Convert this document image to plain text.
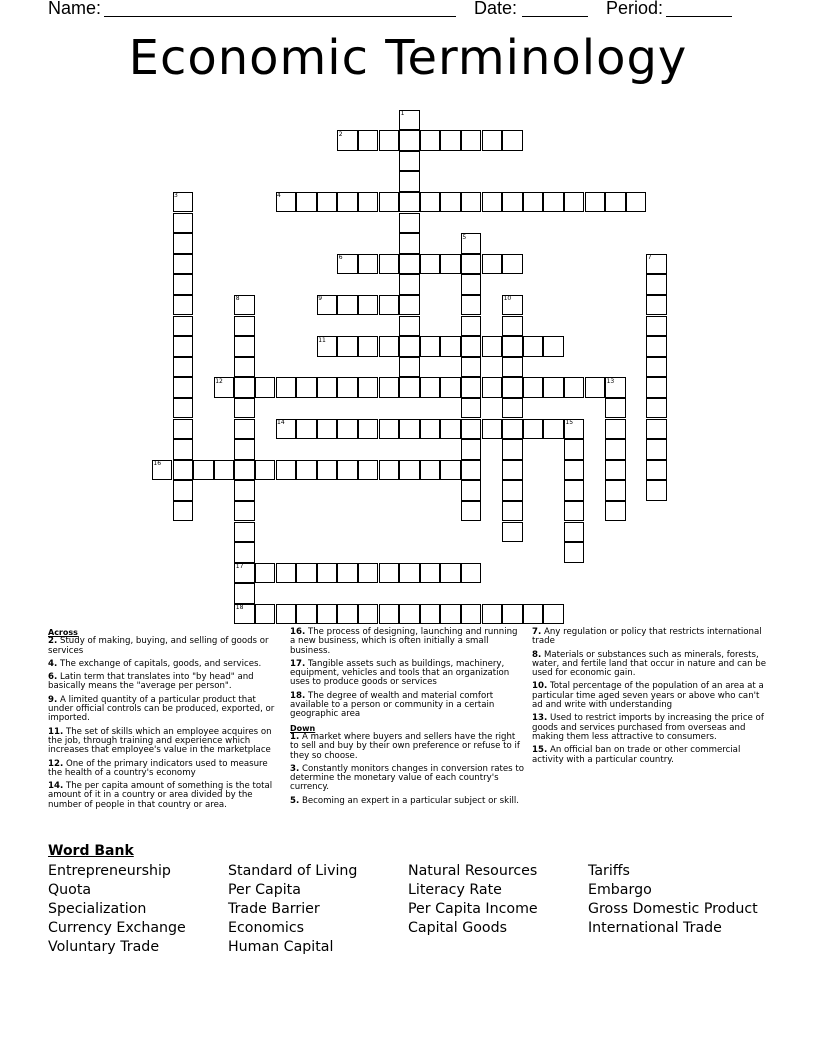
Name:	Date:	Period:
Economic Terminology
1
2
3	4
5
6	7
8	9	10
11
12	13
14	15
16
17
18
Across

2. Study of making, buying, and selling of goods or services

4. The exchange of capitals, goods, and services.

6. Latin term that translates into "by head" and basically means the "average per person".

9. A limited quantity of a particular product that under official controls can be produced, exported, or imported.

11. The set of skills which an employee acquires on the job, through training and experience which increases that employee's value in the marketplace

12. One of the primary indicators used to measure the health of a country's economy

14. The per capita amount of something is the total amount of it in a country or area divided by the number of people in that country or area.

16. The process of designing, launching and running a new business, which is often initially a small business.

17. Tangible assets such as buildings, machinery, equipment, vehicles and tools that an organization uses to produce goods or services

18. The degree of wealth and material comfort available to a person or community in a certain geographic area

Down

1. A market where buyers and sellers have the right to sell and buy by their own preference or refuse to if they so choose.

3. Constantly monitors changes in conversion rates to determine the monetary value of each country's currency.

5. Becoming an expert in a particular subject or skill.

7. Any regulation or policy that restricts international trade

8. Materials or substances such as minerals, forests, water, and fertile land that occur in nature and can be used for economic gain.

10. Total percentage of the population of an area at a particular time aged seven years or above who can't ad and write with understanding

13. Used to restrict imports by increasing the price of goods and services purchased from overseas and making them less attractive to consumers.

15. An official ban on trade or other commercial activity with a particular country.

Word Bank
Entrepreneurship
Quota
Specialization
Currency Exchange
Voluntary Trade
Standard of Living
Per Capita
Trade Barrier
Economics
Human Capital
Natural Resources
Literacy Rate
Per Capita Income
Capital Goods
Tariffs
Embargo
Gross Domestic Product
International Trade
